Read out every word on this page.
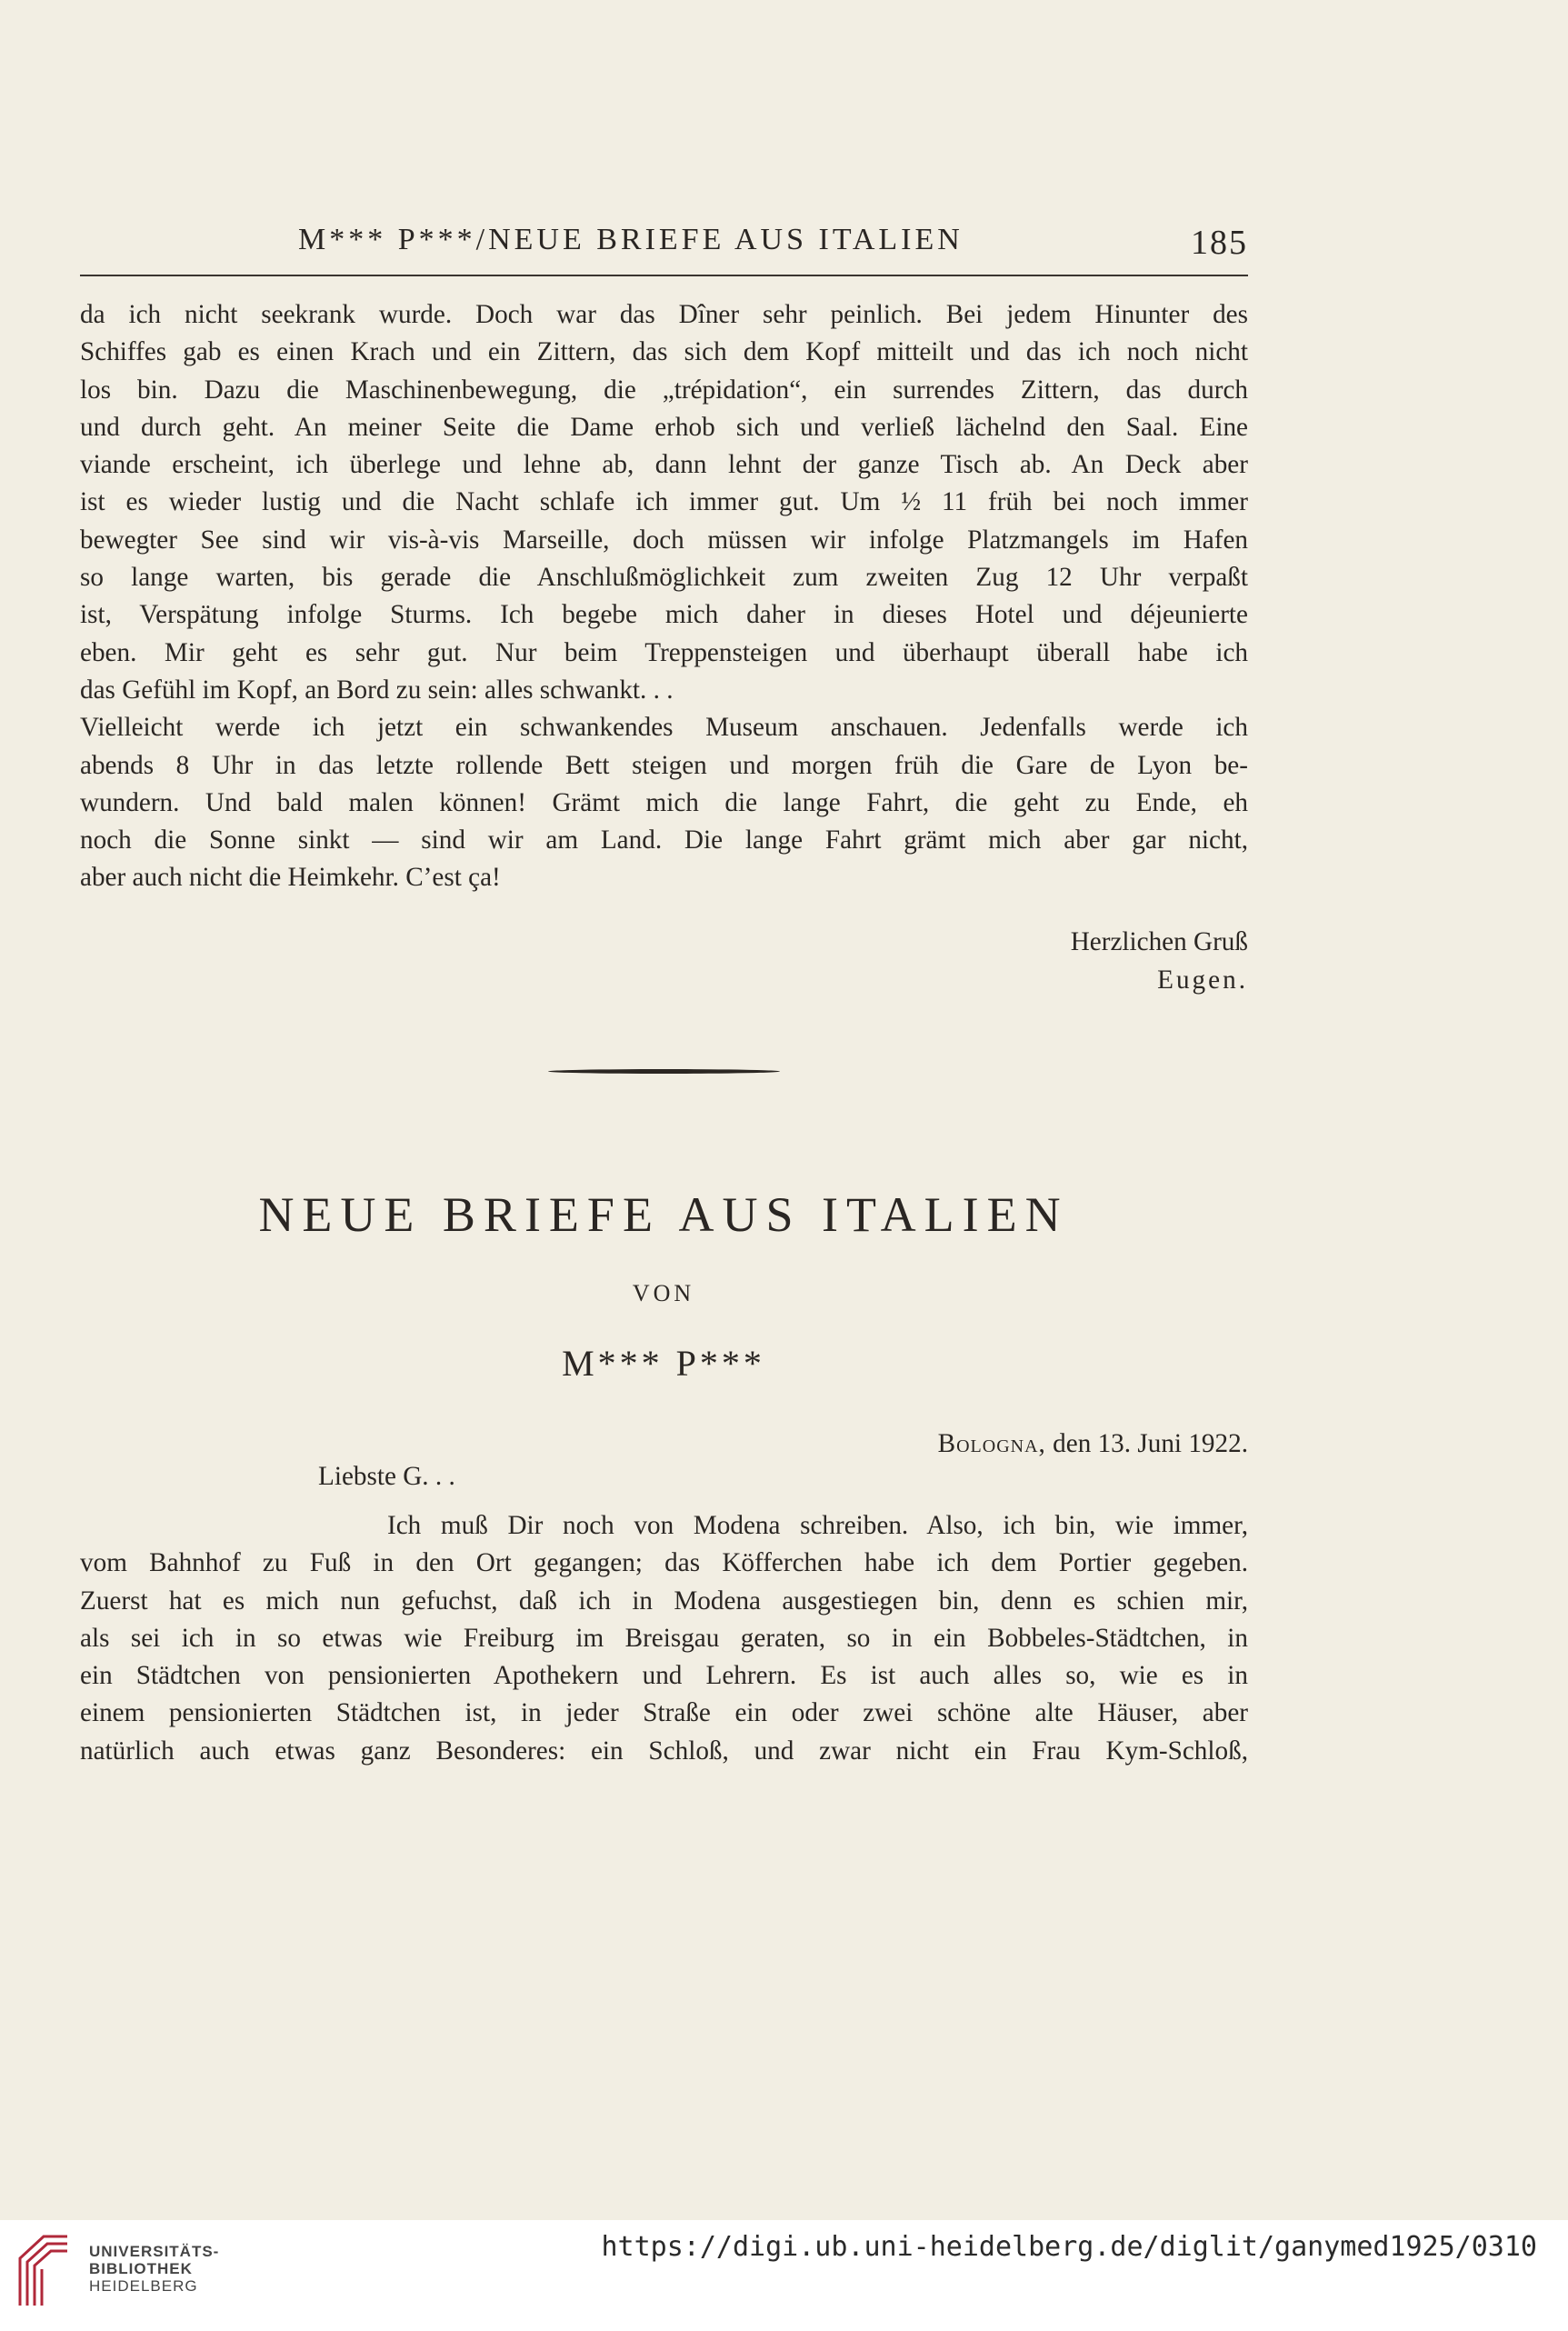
M*** P***/NEUE BRIEFE AUS ITALIEN	185
da ich nicht seekrank wurde. Doch war das Dîner sehr peinlich. Bei jedem Hinunter des
Schiffes gab es einen Krach und ein Zittern, das sich dem Kopf mitteilt und das ich noch nicht
los bin. Dazu die Maschinenbewegung, die „trépidation“, ein surrendes Zittern, das durch
und durch geht. An meiner Seite die Dame erhob sich und verließ lächelnd den Saal. Eine
viande erscheint, ich überlege und lehne ab, dann lehnt der ganze Tisch ab. An Deck aber
ist es wieder lustig und die Nacht schlafe ich immer gut. Um ½ 11 früh bei noch immer
bewegter See sind wir vis-à-vis Marseille, doch müssen wir infolge Platzmangels im Hafen
so lange warten, bis gerade die Anschlußmöglichkeit zum zweiten Zug 12 Uhr verpaßt
ist, Verspätung infolge Sturms. Ich begebe mich daher in dieses Hotel und déjeunierte
eben. Mir geht es sehr gut. Nur beim Treppensteigen und überhaupt überall habe ich
das Gefühl im Kopf, an Bord zu sein: alles schwankt. . .
Vielleicht werde ich jetzt ein schwankendes Museum anschauen. Jedenfalls werde ich
abends 8 Uhr in das letzte rollende Bett steigen und morgen früh die Gare de Lyon be-
wundern. Und bald malen können! Grämt mich die lange Fahrt, die geht zu Ende, eh
noch die Sonne sinkt — sind wir am Land. Die lange Fahrt grämt mich aber gar nicht,
aber auch nicht die Heimkehr. C’est ça!
Herzlichen Gruß
Eugen.
NEUE BRIEFE AUS ITALIEN
VON
M*** P***
Bologna, den 13. Juni 1922.
Liebste G. . .
Ich muß Dir noch von Modena schreiben. Also, ich bin, wie immer,
vom Bahnhof zu Fuß in den Ort gegangen; das Köfferchen habe ich dem Portier gegeben.
Zuerst hat es mich nun gefuchst, daß ich in Modena ausgestiegen bin, denn es schien mir,
als sei ich in so etwas wie Freiburg im Breisgau geraten, so in ein Bobbeles-Städtchen, in
ein Städtchen von pensionierten Apothekern und Lehrern. Es ist auch alles so, wie es in
einem pensionierten Städtchen ist, in jeder Straße ein oder zwei schöne alte Häuser, aber
natürlich auch etwas ganz Besonderes: ein Schloß, und zwar nicht ein Frau Kym-Schloß,
UNIVERSITÄTS-
BIBLIOTHEK
HEIDELBERG
https://digi.ub.uni-heidelberg.de/diglit/ganymed1925/0310
